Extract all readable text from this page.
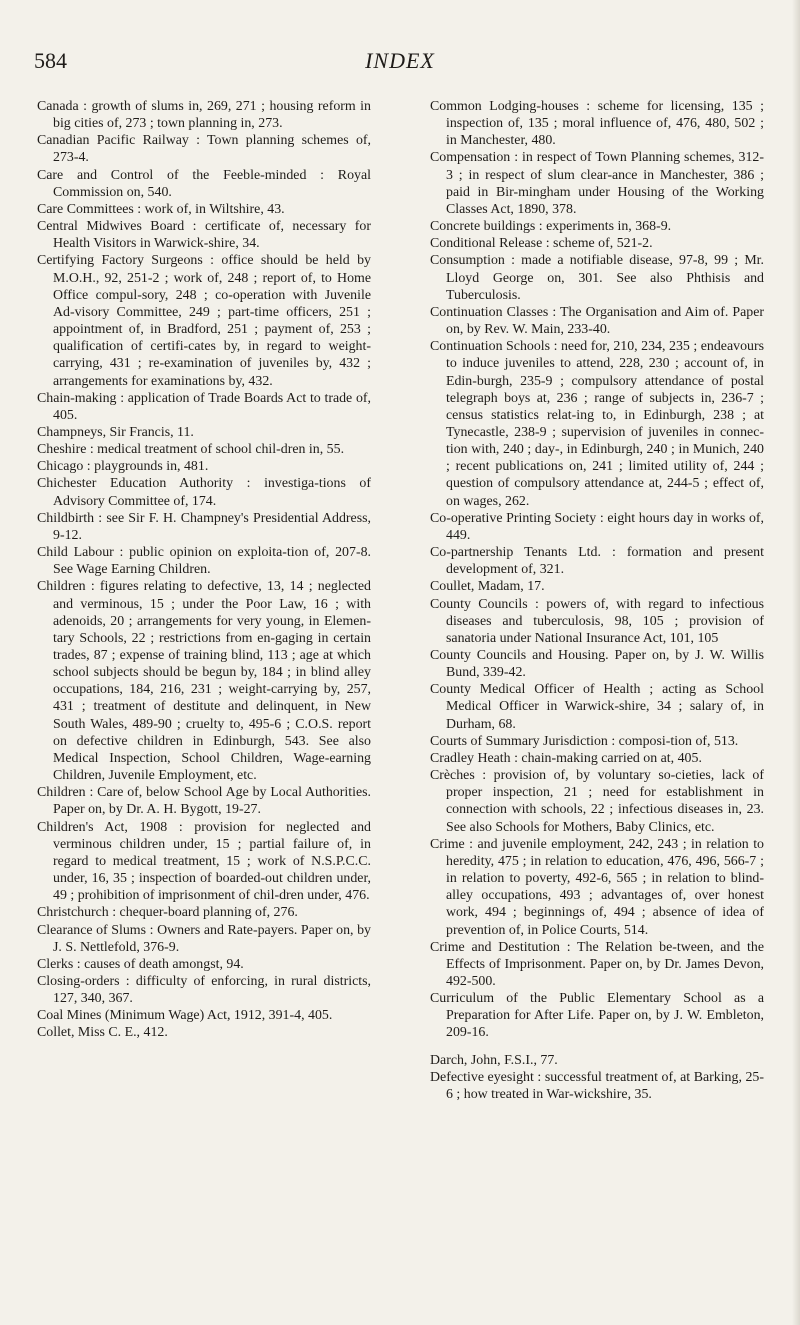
584	INDEX
Canada : growth of slums in, 269, 271 ; housing reform in big cities of, 273 ; town planning in, 273.
Canadian Pacific Railway : Town planning schemes of, 273-4.
Care and Control of the Feeble-minded : Royal Commission on, 540.
Care Committees : work of, in Wiltshire, 43.
Central Midwives Board : certificate of, necessary for Health Visitors in Warwick-shire, 34.
Certifying Factory Surgeons : office should be held by M.O.H., 92, 251-2 ; work of, 248 ; report of, to Home Office compul-sory, 248 ; co-operation with Juvenile Ad-visory Committee, 249 ; part-time officers, 251 ; appointment of, in Bradford, 251 ; payment of, 253 ; qualification of certifi-cates by, in regard to weight-carrying, 431 ; re-examination of juveniles by, 432 ; arrangements for examinations by, 432.
Chain-making : application of Trade Boards Act to trade of, 405.
Champneys, Sir Francis, 11.
Cheshire : medical treatment of school chil-dren in, 55.
Chicago : playgrounds in, 481.
Chichester Education Authority : investiga-tions of Advisory Committee of, 174.
Childbirth : see Sir F. H. Champney's Presidential Address, 9-12.
Child Labour : public opinion on exploita-tion of, 207-8. See Wage Earning Children.
Children : figures relating to defective, 13, 14 ; neglected and verminous, 15 ; under the Poor Law, 16 ; with adenoids, 20 ; arrangements for very young, in Elemen-tary Schools, 22 ; restrictions from en-gaging in certain trades, 87 ; expense of training blind, 113 ; age at which school subjects should be begun by, 184 ; in blind alley occupations, 184, 216, 231 ; weight-carrying by, 257, 431 ; treatment of destitute and delinquent, in New South Wales, 489-90 ; cruelty to, 495-6 ; C.O.S. report on defective children in Edinburgh, 543. See also Medical Inspection, School Children, Wage-earning Children, Juvenile Employment, etc.
Children : Care of, below School Age by Local Authorities. Paper on, by Dr. A. H. Bygott, 19-27.
Children's Act, 1908 : provision for neglected and verminous children under, 15 ; partial failure of, in regard to medical treatment, 15 ; work of N.S.P.C.C. under, 16, 35 ; inspection of boarded-out children under, 49 ; prohibition of imprisonment of chil-dren under, 476.
Christchurch : chequer-board planning of, 276.
Clearance of Slums : Owners and Rate-payers. Paper on, by J. S. Nettlefold, 376-9.
Clerks : causes of death amongst, 94.
Closing-orders : difficulty of enforcing, in rural districts, 127, 340, 367.
Coal Mines (Minimum Wage) Act, 1912, 391-4, 405.
Collet, Miss C. E., 412.
Common Lodging-houses : scheme for licensing, 135 ; inspection of, 135 ; moral influence of, 476, 480, 502 ; in Manchester, 480.
Compensation : in respect of Town Planning schemes, 312-3 ; in respect of slum clear-ance in Manchester, 386 ; paid in Bir-mingham under Housing of the Working Classes Act, 1890, 378.
Concrete buildings : experiments in, 368-9.
Conditional Release : scheme of, 521-2.
Consumption : made a notifiable disease, 97-8, 99 ; Mr. Lloyd George on, 301. See also Phthisis and Tuberculosis.
Continuation Classes : The Organisation and Aim of. Paper on, by Rev. W. Main, 233-40.
Continuation Schools : need for, 210, 234, 235 ; endeavours to induce juveniles to attend, 228, 230 ; account of, in Edin-burgh, 235-9 ; compulsory attendance of postal telegraph boys at, 236 ; range of subjects in, 236-7 ; census statistics relat-ing to, in Edinburgh, 238 ; at Tynecastle, 238-9 ; supervision of juveniles in connec-tion with, 240 ; day-, in Edinburgh, 240 ; in Munich, 240 ; recent publications on, 241 ; limited utility of, 244 ; question of compulsory attendance at, 244-5 ; effect of, on wages, 262.
Co-operative Printing Society : eight hours day in works of, 449.
Co-partnership Tenants Ltd. : formation and present development of, 321.
Coullet, Madam, 17.
County Councils : powers of, with regard to infectious diseases and tuberculosis, 98, 105 ; provision of sanatoria under National Insurance Act, 101, 105
County Councils and Housing. Paper on, by J. W. Willis Bund, 339-42.
County Medical Officer of Health ; acting as School Medical Officer in Warwick-shire, 34 ; salary of, in Durham, 68.
Courts of Summary Jurisdiction : composi-tion of, 513.
Cradley Heath : chain-making carried on at, 405.
Crèches : provision of, by voluntary so-cieties, lack of proper inspection, 21 ; need for establishment in connection with schools, 22 ; infectious diseases in, 23. See also Schools for Mothers, Baby Clinics, etc.
Crime : and juvenile employment, 242, 243 ; in relation to heredity, 475 ; in relation to education, 476, 496, 566-7 ; in relation to poverty, 492-6, 565 ; in relation to blind-alley occupations, 493 ; advantages of, over honest work, 494 ; beginnings of, 494 ; absence of idea of prevention of, in Police Courts, 514.
Crime and Destitution : The Relation be-tween, and the Effects of Imprisonment. Paper on, by Dr. James Devon, 492-500.
Curriculum of the Public Elementary School as a Preparation for After Life. Paper on, by J. W. Embleton, 209-16.
Darch, John, F.S.I., 77.
Defective eyesight : successful treatment of, at Barking, 25-6 ; how treated in War-wickshire, 35.
